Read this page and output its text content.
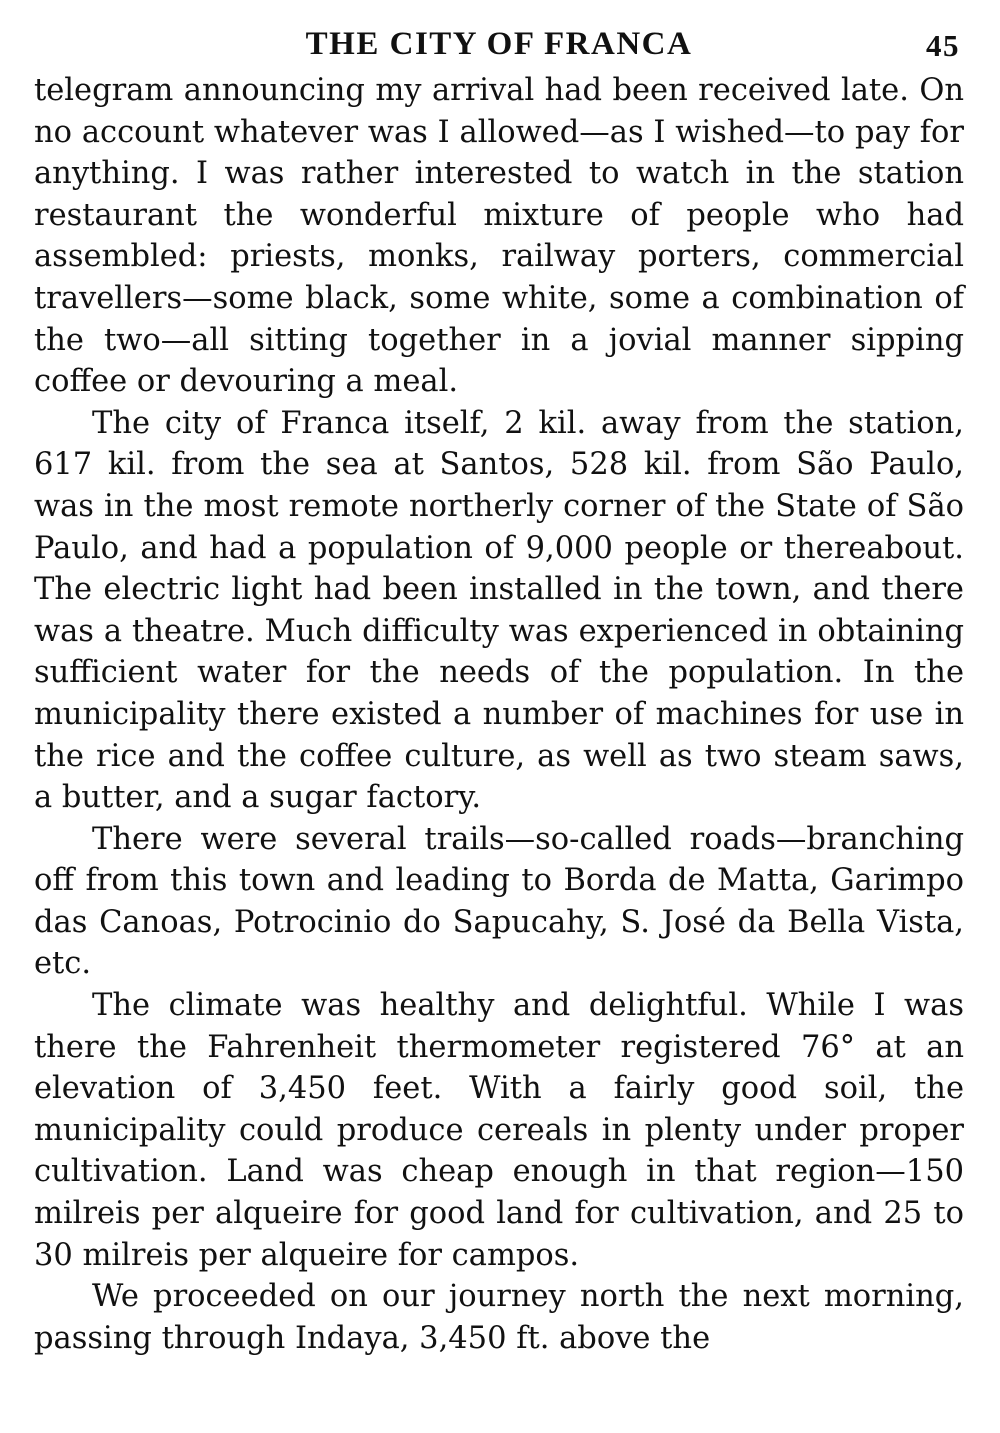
THE CITY OF FRANCA	45

telegram announcing my arrival had been received late. On no account whatever was I allowed—as I wished—to pay for anything. I was rather interested to watch in the station restaurant the wonderful mixture of people who had assembled: priests, monks, railway porters, commercial travellers—some black, some white, some a combination of the two—all sitting together in a jovial manner sipping coffee or devouring a meal.

The city of Franca itself, 2 kil. away from the station, 617 kil. from the sea at Santos, 528 kil. from São Paulo, was in the most remote northerly corner of the State of São Paulo, and had a population of 9,000 people or thereabout. The electric light had been installed in the town, and there was a theatre. Much difficulty was experienced in obtaining sufficient water for the needs of the population. In the municipality there existed a number of machines for use in the rice and the coffee culture, as well as two steam saws, a butter, and a sugar factory.

There were several trails—so-called roads—branching off from this town and leading to Borda de Matta, Garimpo das Canoas, Potrocinio do Sapucahy, S. José da Bella Vista, etc.

The climate was healthy and delightful. While I was there the Fahrenheit thermometer registered 76° at an elevation of 3,450 feet. With a fairly good soil, the municipality could produce cereals in plenty under proper cultivation. Land was cheap enough in that region—150 milreis per alqueire for good land for cultivation, and 25 to 30 milreis per alqueire for campos.

We proceeded on our journey north the next morning, passing through Indaya, 3,450 ft. above the
